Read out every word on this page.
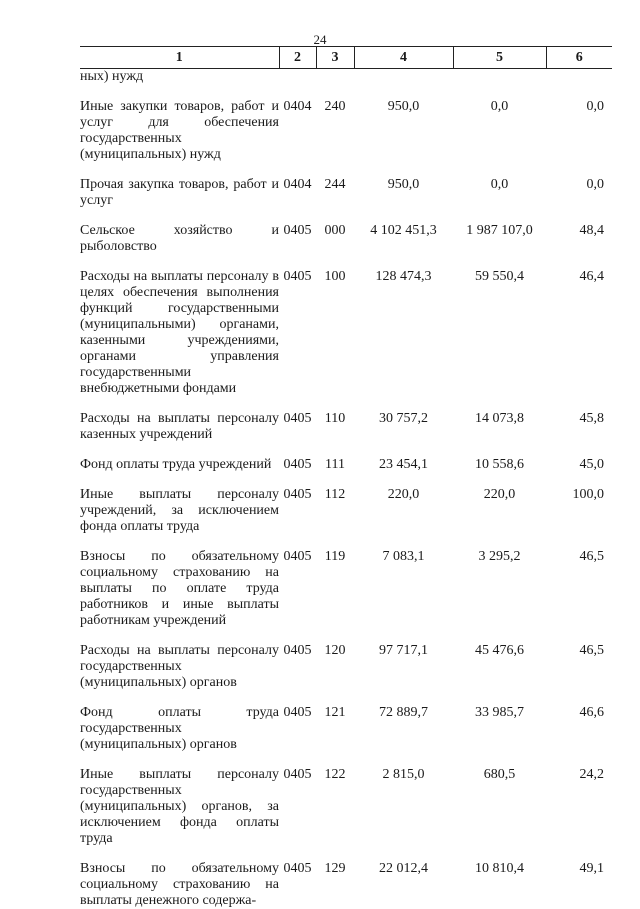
24
1	2	3	4	5	6
ных) нужд					

Иные закупки товаров, работ и услуг для обеспечения государственных (муниципальных) нужд	0404	240	950,0	0,0	0,0

Прочая закупка товаров, работ и услуг	0404	244	950,0	0,0	0,0

Сельское хозяйство и рыболовство	0405	000	4 102 451,3	1 987 107,0	48,4

Расходы на выплаты персоналу в целях обеспечения выполнения функций государственными (муниципальными) органами, казенными учреждениями, органами управления государственными внебюджетными фондами	0405	100	128 474,3	59 550,4	46,4

Расходы на выплаты персоналу казенных учреждений	0405	110	30 757,2	14 073,8	45,8

Фонд оплаты труда учреждений	0405	111	23 454,1	10 558,6	45,0

Иные выплаты персоналу учреждений, за исключением фонда оплаты труда	0405	112	220,0	220,0	100,0

Взносы по обязательному социальному страхованию на выплаты по оплате труда работников и иные выплаты работникам учреждений	0405	119	7 083,1	3 295,2	46,5

Расходы на выплаты персоналу государственных (муниципальных) органов	0405	120	97 717,1	45 476,6	46,5

Фонд оплаты труда государственных (муниципальных) органов	0405	121	72 889,7	33 985,7	46,6

Иные выплаты персоналу государственных (муниципальных) органов, за исключением фонда оплаты труда	0405	122	2 815,0	680,5	24,2

Взносы по обязательному социальному страхованию на выплаты денежного содержа-	0405	129	22 012,4	10 810,4	49,1
